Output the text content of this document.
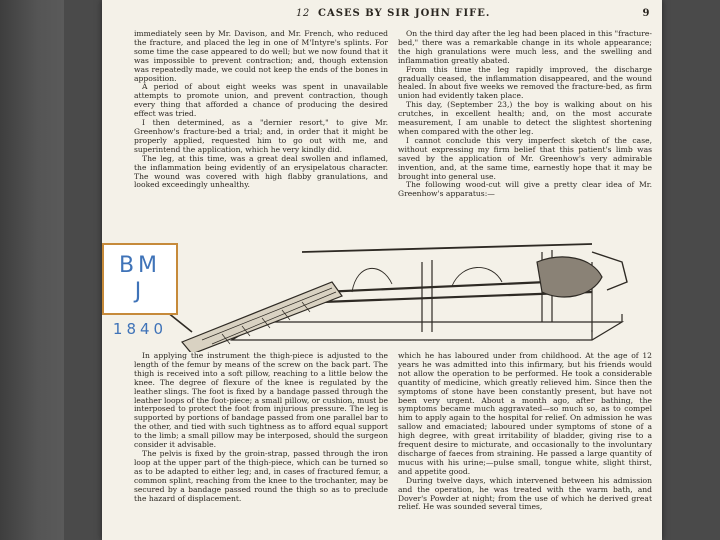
12 CASES BY SIR JOHN FIFE.	9

immediately seen by Mr. Davison, and Mr. French, who reduced the fracture, and placed the leg in one of M'Intyre's splints. For some time the case appeared to do well; but we now found that it was impossible to prevent contraction; and, though extension was repeatedly made, we could not keep the ends of the bones in apposition.

A period of about eight weeks was spent in unavailable attempts to promote union, and prevent contraction, though every thing that afforded a chance of producing the desired effect was tried.

I then determined, as a "dernier resort," to give Mr. Greenhow's fracture-bed a trial; and, in order that it might be properly applied, requested him to go out with me, and superintend the application, which he very kindly did.

The leg, at this time, was a great deal swollen and inflamed, the inflammation being evidently of an erysipelatous character. The wound was covered with high flabby granulations, and looked exceedingly unhealthy.

On the third day after the leg had been placed in this "fracture-bed," there was a remarkable change in its whole appearance; the high granulations were much less, and the swelling and inflammation greatly abated.

From this time the leg rapidly improved, the discharge gradually ceased, the inflammation disappeared, and the wound healed. In about five weeks we removed the fracture-bed, as firm union had evidently taken place.

This day, (September 23,) the boy is walking about on his crutches, in excellent health; and, on the most accurate measurement, I am unable to detect the slightest shortening when compared with the other leg.

I cannot conclude this very imperfect sketch of the case, without expressing my firm belief that this patient's limb was saved by the application of Mr. Greenhow's very admirable invention, and, at the same time, earnestly hope that it may be brought into general use.

The following wood-cut will give a pretty clear idea of Mr. Greenhow's apparatus:—

In applying the instrument the thigh-piece is adjusted to the length of the femur by means of the screw on the back part. The thigh is received into a soft pillow, reaching to a little below the knee. The degree of flexure of the knee is regulated by the leather slings. The foot is fixed by a bandage passed through the leather loops of the foot-piece; a small pillow, or cushion, must be interposed to protect the foot from injurious pressure. The leg is supported by portions of bandage passed from one parallel bar to the other, and tied with such tightness as to afford equal support to the limb; a small pillow may be interposed, should the surgeon consider it advisable.

The pelvis is fixed by the groin-strap, passed through the iron loop at the upper part of the thigh-piece, which can be turned so as to be adapted to either leg; and, in cases of fractured femur, a common splint, reaching from the knee to the trochanter, may be secured by a bandage passed round the thigh so as to preclude the hazard of displacement.

which he has laboured under from childhood. At the age of 12 years he was admitted into this infirmary, but his friends would not allow the operation to be performed. He took a considerable quantity of medicine, which greatly relieved him. Since then the symptoms of stone have been constantly present, but have not been very urgent. About a month ago, after bathing, the symptoms became much aggravated—so much so, as to compel him to apply again to the hospital for relief. On admission he was sallow and emaciated; laboured under symptoms of stone of a high degree, with great irritability of bladder, giving rise to a frequent desire to micturate, and occasionally to the involuntary discharge of faeces from straining. He passed a large quantity of mucus with his urine;—pulse small, tongue white, slight thirst, and appetite good.

During twelve days, which intervened between his admission and the operation, he was treated with the warm bath, and Dover's Powder at night; from the use of which he derived great relief. He was sounded several times,

BM
J
1840
